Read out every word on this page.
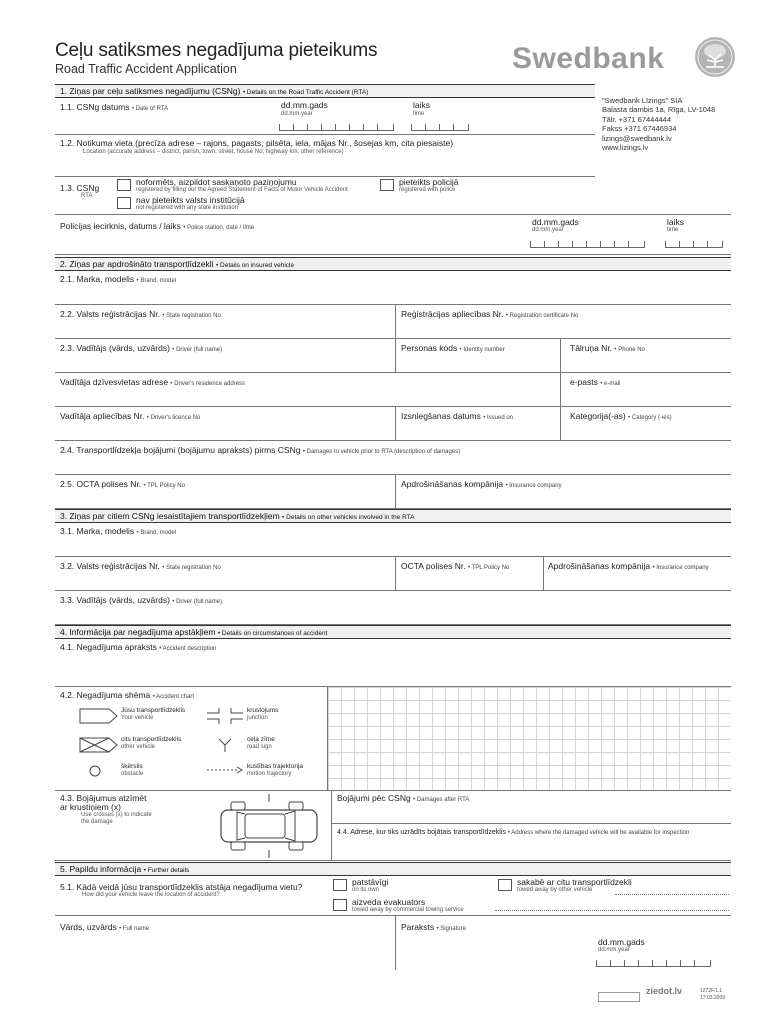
Ceļu satiksmes negadījuma pieteikums
Road Traffic Accident Application	Swedbank
"Swedbank Līzings" SIA
Balasta dambis 1a, Rīga, LV-1048
Tālr. +371 67444444
Fakss +371 67446934
lizings@swedbank.lv
www.lizings.lv
1. Ziņas par ceļu satiksmes negadījumu (CSNg) • Details on the Road Traffic Accident (RTA)
1.1. CSNg datums • Date of RTA	dd.mm.gads
dd.mm.year
laiks
time
1.2. Notikuma vieta (precīza adrese – rajons, pagasts, pilsēta, iela, mājas Nr., šosejas km, cita piesaiste)
Location (accurate address – district, parish, town, street, house No, highway km, other reference)
1.3. CSNg
RTA
noformēts, aizpildot saskaņoto paziņojumu
registered by filling out the Agreed Statement of Facts of Motor Vehicle Accident
nav pieteikts valsts institūcijā
not registered with any state institution
pieteikts policijā
registered with police
Policijas iecirknis, datums / laiks • Police station, date / time
dd.mm.gads
dd.mm.year
laiks
time
2. Ziņas par apdrošināto transportlīdzekli • Details on insured vehicle
2.1. Marka, modelis • Brand, model
2.2. Valsts reģistrācijas Nr. • State registration No	Reģistrācijas apliecības Nr. • Registration certificate No
2.3. Vadītājs (vārds, uzvārds) • Driver (full name)	Personas kods • Identity number	Tālruņa Nr. • Phone No
Vadītāja dzīvesvietas adrese • Driver's residence address	e-pasts • e-mail
Vadītāja apliecības Nr. • Driver's licence No	Izsniegšanas datums • Issued on	Kategorija(-as) • Category (-ies)
2.4. Transportlīdzekļa bojājumi (bojājumu apraksts) pirms CSNg • Damages to vehicle prior to RTA (description of damages)
2.5. OCTA polises Nr. • TPL Policy No	Apdrošināšanas kompānija • Insurance company
3. Ziņas par citiem CSNg iesaistītajiem transportlīdzekļiem • Details on other vehicles involved in the RTA
3.1. Marka, modelis • Brand, model
3.2. Valsts reģistrācijas Nr. • State registration No	OCTA polises Nr. • TPL Policy No	Apdrošināšanas kompānija • Insurance company
3.3. Vadītājs (vārds, uzvārds) • Driver (full name)
4. Informācija par negadījuma apstākļiem • Details on circumstances of accident
4.1. Negadījuma apraksts • Accident description
4.2. Negadījuma shēma • Accident chart
Jūsu transportlīdzeklis
Your vehicle
cits transportlīdzeklis
other vehicle
šķērslis
obstacle
krustojums
junction
ceļa zīme
road sign
kustības trajektorija
motion trajectory
4.3. Bojājumus atzīmēt
ar krustiņiem (x)
Use crosses (x) to indicate
the damage
Bojājumi pēc CSNg • Damages after RTA
4.4. Adrese, kur tiks uzrādīts bojātais transportlīdzeklis • Address where the damaged vehicle will be available for inspection
5. Papildu informācija • Further details
5.1. Kādā veidā jūsu transportlīdzeklis atstāja negadījuma vietu?
How did your vehicle leave the location of accident?
patstāvīgi
on its own
aizveda evakuators
towed away by commercial towing service
sakabē ar citu transportlīdzekli
towed away by other vehicle
Vārds, uzvārds • Full name	Paraksts • Signature
dd.mm.gads
dd.mm.year
ziedot.lv	1272F.1.1
17.03.2009
